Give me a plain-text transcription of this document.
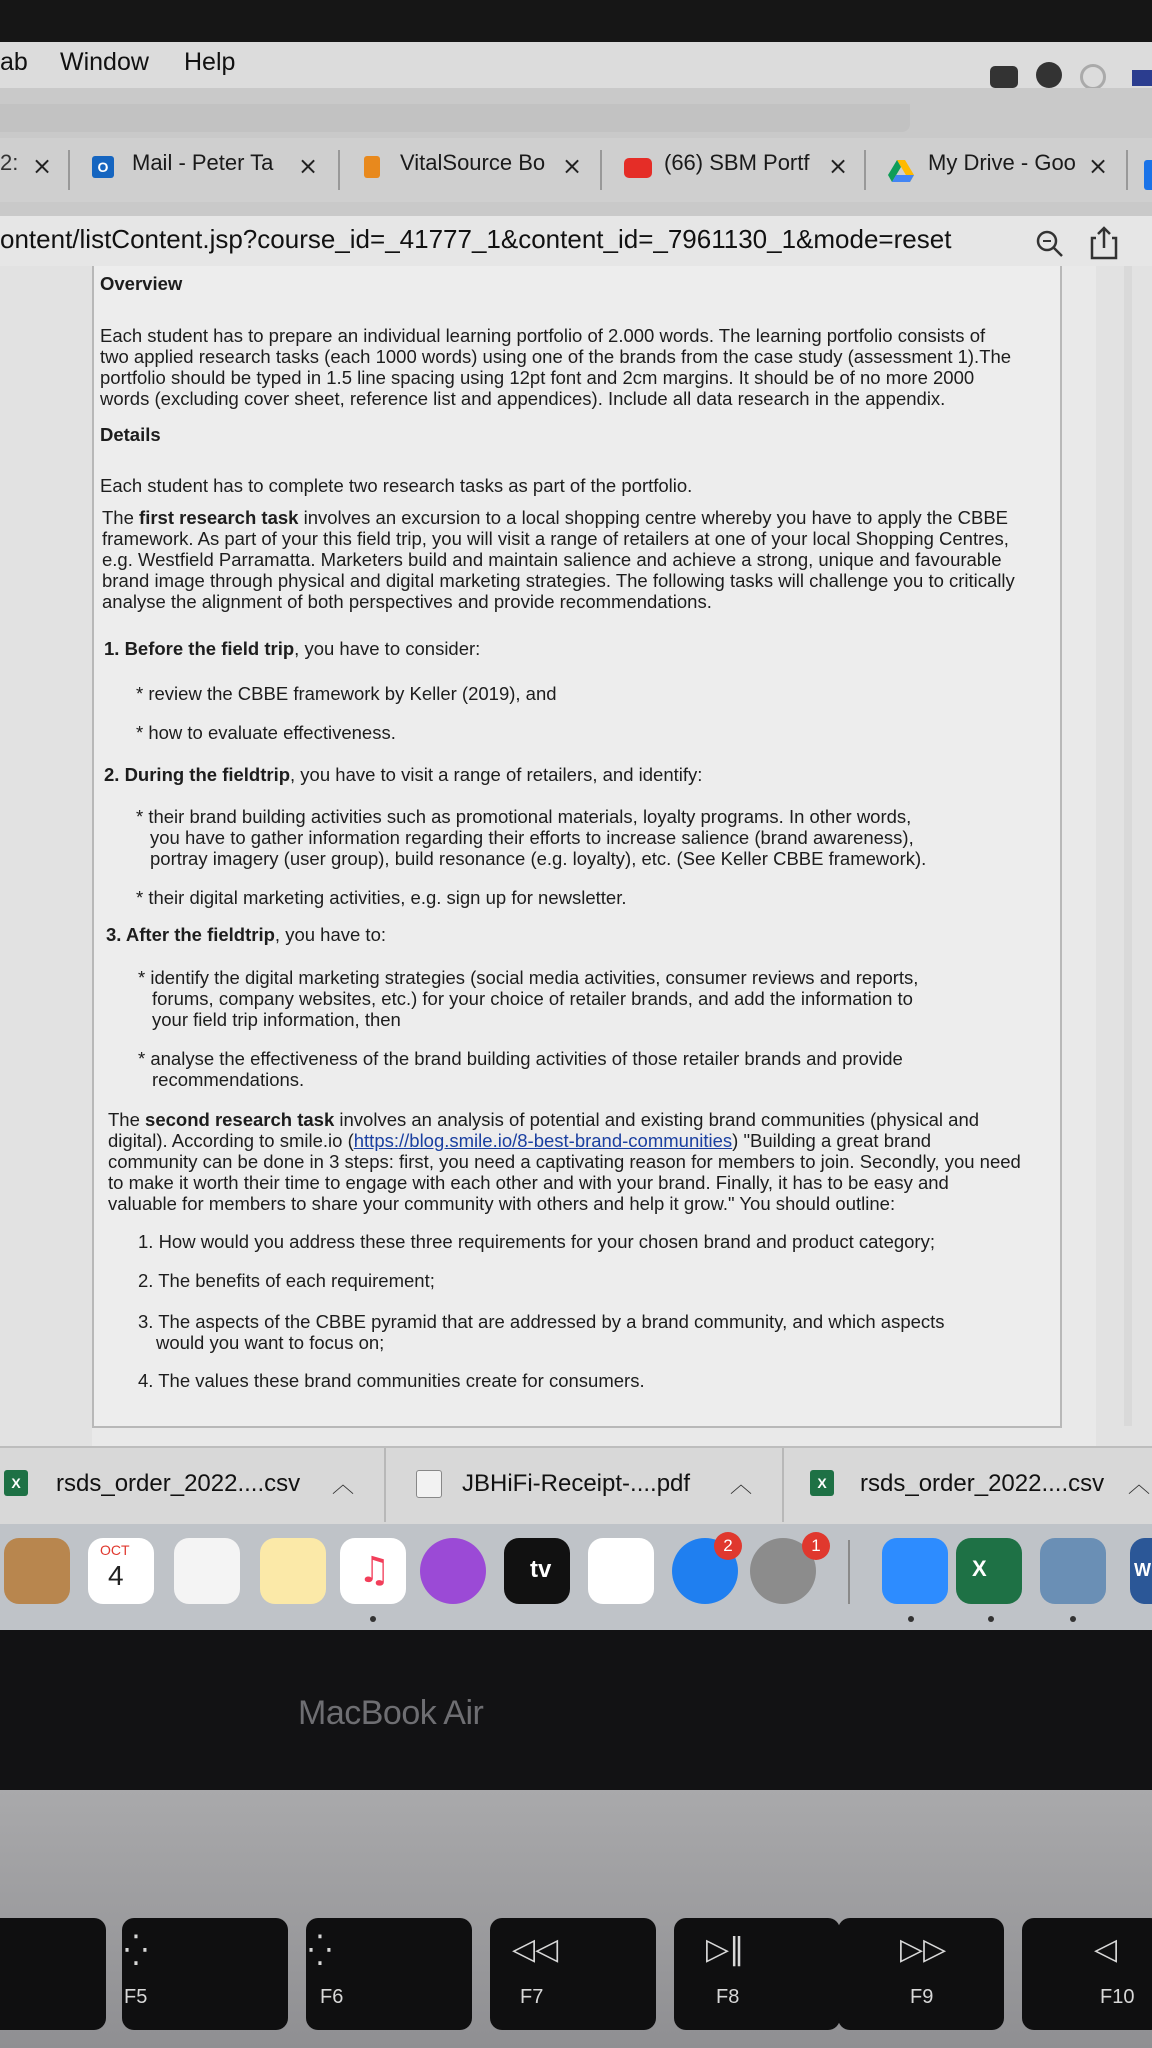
ab Window Help
2: ×	O Mail - Peter Ta	×	VitalSource Bo ×	(66) SBM Portf ×	My Drive - Goo ×
ontent/listContent.jsp?course_id=_41777_1&content_id=_7961130_1&mode=reset
Overview
Each student has to prepare an individual learning portfolio of 2.000 words. The learning portfolio consists of
two applied research tasks (each 1000 words) using one of the brands from the case study (assessment 1).The
portfolio should be typed in 1.5 line spacing using 12pt font and 2cm margins. It should be of no more 2000
words (excluding cover sheet, reference list and appendices). Include all data research in the appendix.
Details
Each student has to complete two research tasks as part of the portfolio.
The first research task involves an excursion to a local shopping centre whereby you have to apply the CBBE
framework. As part of your this field trip, you will visit a range of retailers at one of your local Shopping Centres,
e.g. Westfield Parramatta. Marketers build and maintain salience and achieve a strong, unique and favourable
brand image through physical and digital marketing strategies. The following tasks will challenge you to critically
analyse the alignment of both perspectives and provide recommendations.
1. Before the field trip, you have to consider:
* review the CBBE framework by Keller (2019), and
* how to evaluate effectiveness.
2. During the fieldtrip, you have to visit a range of retailers, and identify:
* their brand building activities such as promotional materials, loyalty programs. In other words,
you have to gather information regarding their efforts to increase salience (brand awareness),
portray imagery (user group), build resonance (e.g. loyalty), etc. (See Keller CBBE framework).
* their digital marketing activities, e.g. sign up for newsletter.
3. After the fieldtrip, you have to:
* identify the digital marketing strategies (social media activities, consumer reviews and reports,
forums, company websites, etc.) for your choice of retailer brands, and add the information to
your field trip information, then
* analyse the effectiveness of the brand building activities of those retailer brands and provide
recommendations.
The second research task involves an analysis of potential and existing brand communities (physical and
digital). According to smile.io (https://blog.smile.io/8-best-brand-communities) "Building a great brand
community can be done in 3 steps: first, you need a captivating reason for members to join. Secondly, you need
to make it worth their time to engage with each other and with your brand. Finally, it has to be easy and
valuable for members to share your community with others and help it grow." You should outline:
1. How would you address these three requirements for your chosen brand and product category;
2. The benefits of each requirement;
3. The aspects of the CBBE pyramid that are addressed by a brand community, and which aspects
would you want to focus on;
4. The values these brand communities create for consumers.
X	rsds_order_2022....csv ︿	JBHiFi-Receipt-....pdf ︿	X	rsds_order_2022....csv ︿
OCT
4	♫	tv
2	1
X	W
MacBook Air
⁛
F5
⁛
F6
◁◁
F7
▷‖
F8
▷▷
F9
◁
F10
